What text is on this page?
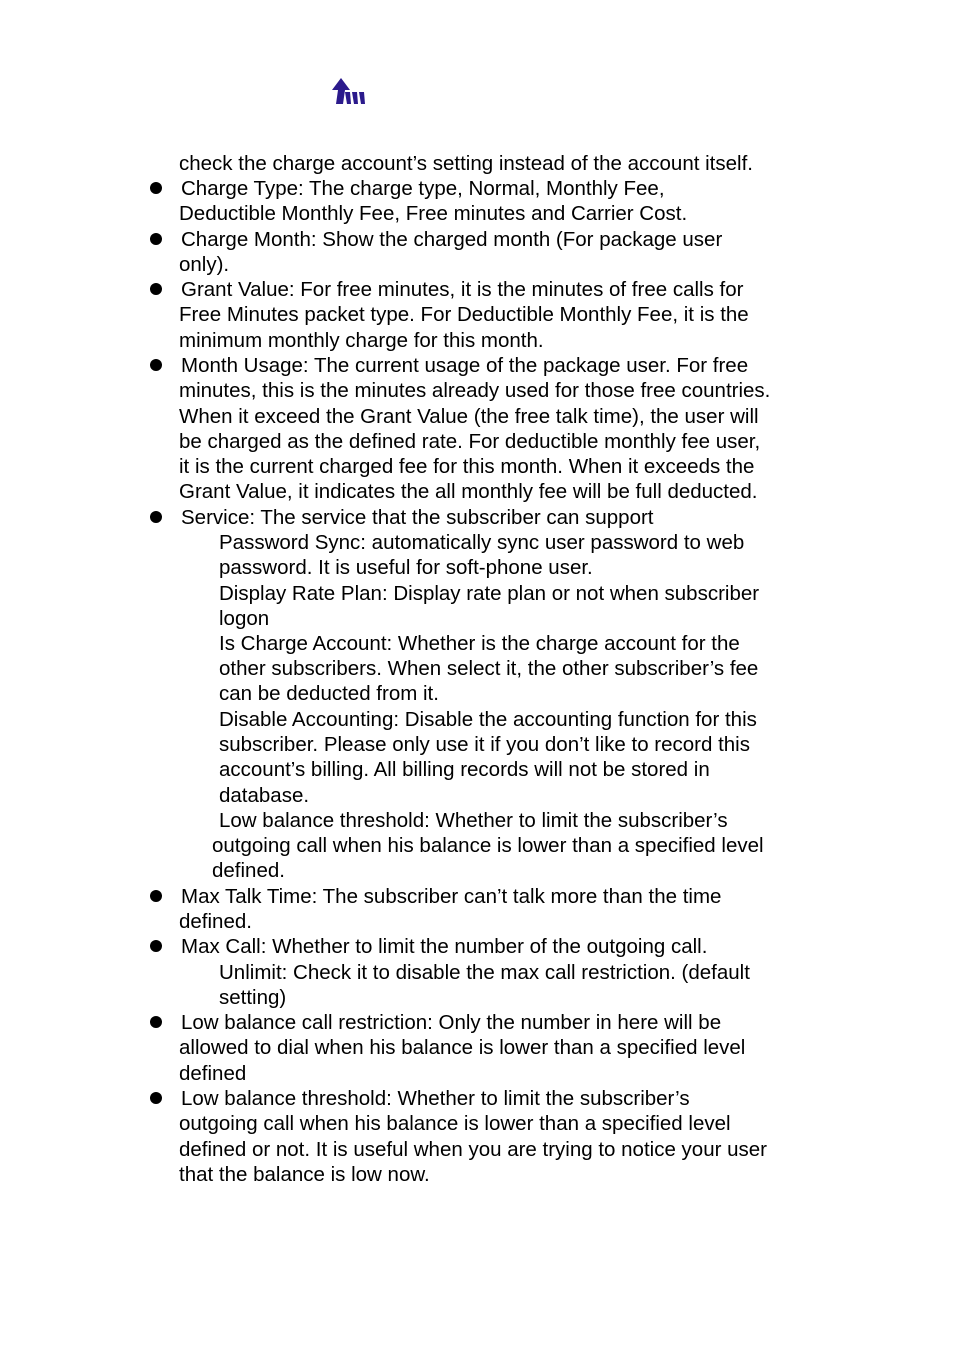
check the charge account’s setting instead of the account itself.
Charge Type: The charge type, Normal, Monthly Fee,
Deductible Monthly Fee, Free minutes and Carrier Cost.
Charge Month: Show the charged month (For package user
only).
Grant Value: For free minutes, it is the minutes of free calls for
Free Minutes packet type. For Deductible Monthly Fee, it is the
minimum monthly charge for this month.
Month Usage: The current usage of the package user. For free
minutes, this is the minutes already used for those free countries.
When it exceed the Grant Value (the free talk time), the user will
be charged as the defined rate. For deductible monthly fee user,
it is the current charged fee for this month. When it exceeds the
Grant Value, it indicates the all monthly fee will be full deducted.
Service: The service that the subscriber can support
Password Sync: automatically sync user password to web
password. It is useful for soft-phone user.
Display Rate Plan: Display rate plan or not when subscriber
logon
Is Charge Account: Whether is the charge account for the
other subscribers. When select it, the other subscriber’s fee
can be deducted from it.
Disable Accounting: Disable the accounting function for this
subscriber. Please only use it if you don’t like to record this
account’s billing. All billing records will not be stored in
database.
Low balance threshold: Whether to limit the subscriber’s
outgoing call when his balance is lower than a specified level
defined.
Max Talk Time: The subscriber can’t talk more than the time
defined.
Max Call: Whether to limit the number of the outgoing call.
Unlimit: Check it to disable the max call restriction. (default
setting)
Low balance call restriction: Only the number in here will be
allowed to dial when his balance is lower than a specified level
defined
Low balance threshold: Whether to limit the subscriber’s
outgoing call when his balance is lower than a specified level
defined or not. It is useful when you are trying to notice your user
that the balance is low now.
